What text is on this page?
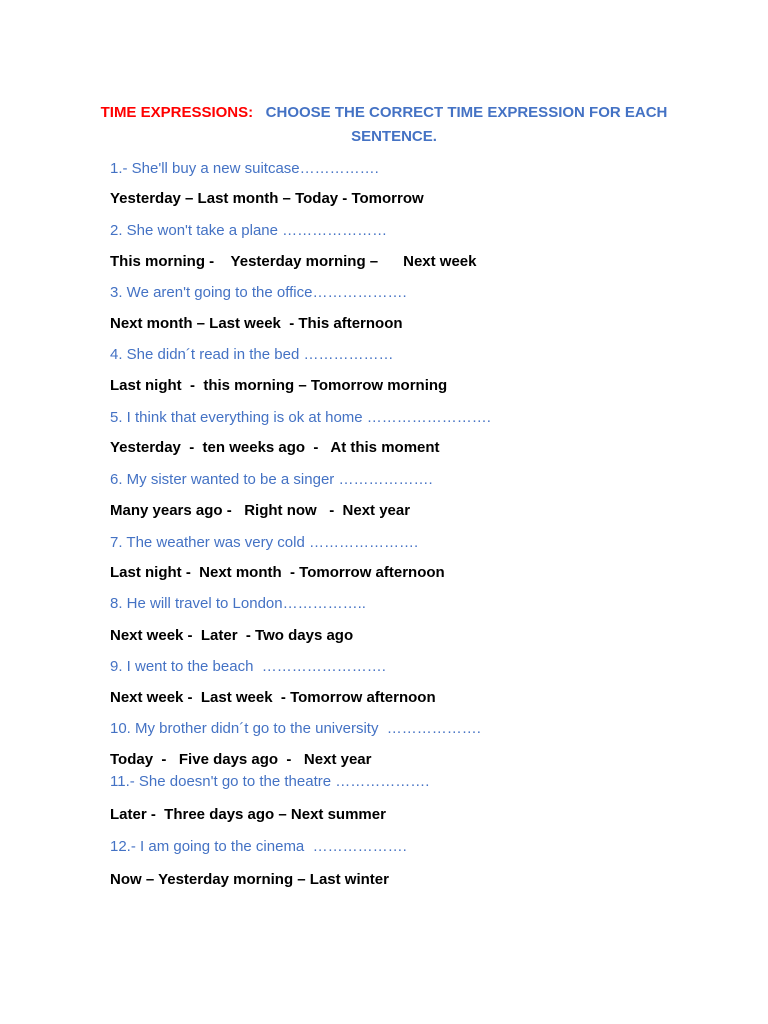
TIME EXPRESSIONS: CHOOSE THE CORRECT TIME EXPRESSION FOR EACH
SENTENCE.
1.- She'll buy a new suitcase…………….
Yesterday – Last month – Today - Tomorrow
2. She won't take a plane …………………
This morning -    Yesterday morning –      Next week
3. We aren't going to the office……………….
Next month – Last week  - This afternoon
4. She didn´t read in the bed ………………
Last night  -  this morning – Tomorrow morning
5. I think that everything is ok at home …………………….
Yesterday  -  ten weeks ago  -   At this moment
6. My sister wanted to be a singer ……………….
Many years ago -   Right now   -  Next year
7. The weather was very cold ………………….
Last night -  Next month  - Tomorrow afternoon
8. He will travel to London……………..
Next week -  Later  - Two days ago
9. I went to the beach  …………………….
Next week -  Last week  - Tomorrow afternoon
10. My brother didn´t go to the university  ……………….
Today  -   Five days ago  -   Next year
11.- She doesn't go to the theatre ……………….
Later -  Three days ago – Next summer
12.- I am going to the cinema  ……………….
Now – Yesterday morning – Last winter
